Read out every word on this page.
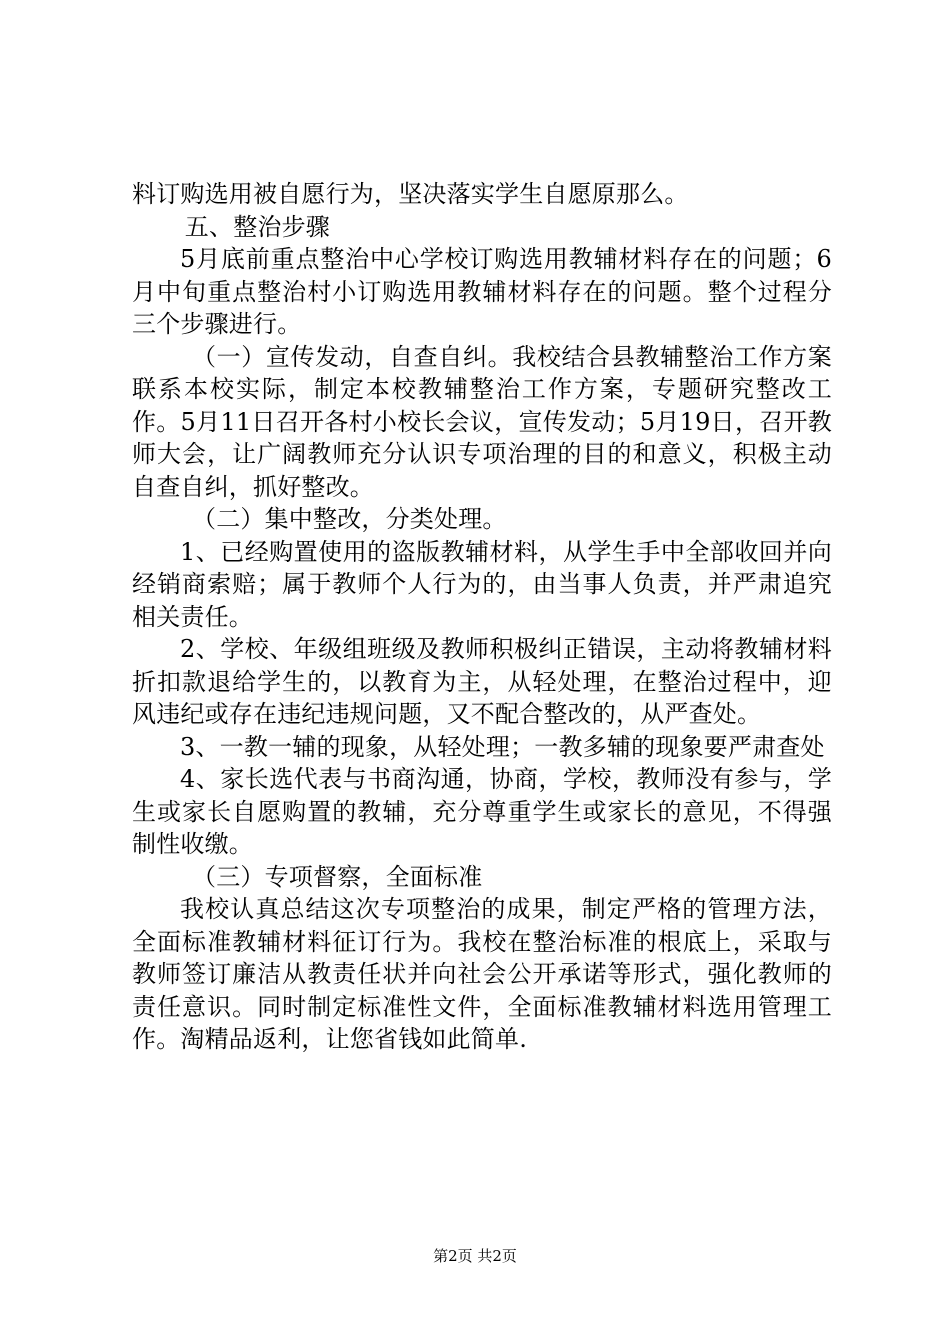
料订购选用被自愿行为，坚决落实学生自愿原那么。

五、整治步骤

5月底前重点整治中心学校订购选用教辅材料存在的问题；6月中旬重点整治村小订购选用教辅材料存在的问题。整个过程分三个步骤进行。

（一）宣传发动，自查自纠。我校结合县教辅整治工作方案联系本校实际，制定本校教辅整治工作方案，专题研究整改工作。5月11日召开各村小校长会议，宣传发动；5月19日，召开教师大会，让广阔教师充分认识专项治理的目的和意义，积极主动自查自纠，抓好整改。

（二）集中整改，分类处理。

1、已经购置使用的盗版教辅材料，从学生手中全部收回并向经销商索赔；属于教师个人行为的，由当事人负责，并严肃追究相关责任。

2、学校、年级组班级及教师积极纠正错误，主动将教辅材料折扣款退给学生的，以教育为主，从轻处理，在整治过程中，迎风违纪或存在违纪违规问题，又不配合整改的，从严查处。

3、一教一辅的现象，从轻处理；一教多辅的现象要严肃查处

4、家长选代表与书商沟通，协商，学校，教师没有参与，学生或家长自愿购置的教辅，充分尊重学生或家长的意见，不得强制性收缴。

（三）专项督察，全面标准

我校认真总结这次专项整治的成果，制定严格的管理方法，全面标准教辅材料征订行为。我校在整治标准的根底上，采取与教师签订廉洁从教责任状并向社会公开承诺等形式，强化教师的责任意识。同时制定标准性文件，全面标准教辅材料选用管理工作。淘精品返利，让您省钱如此简单.

第2页 共2页
